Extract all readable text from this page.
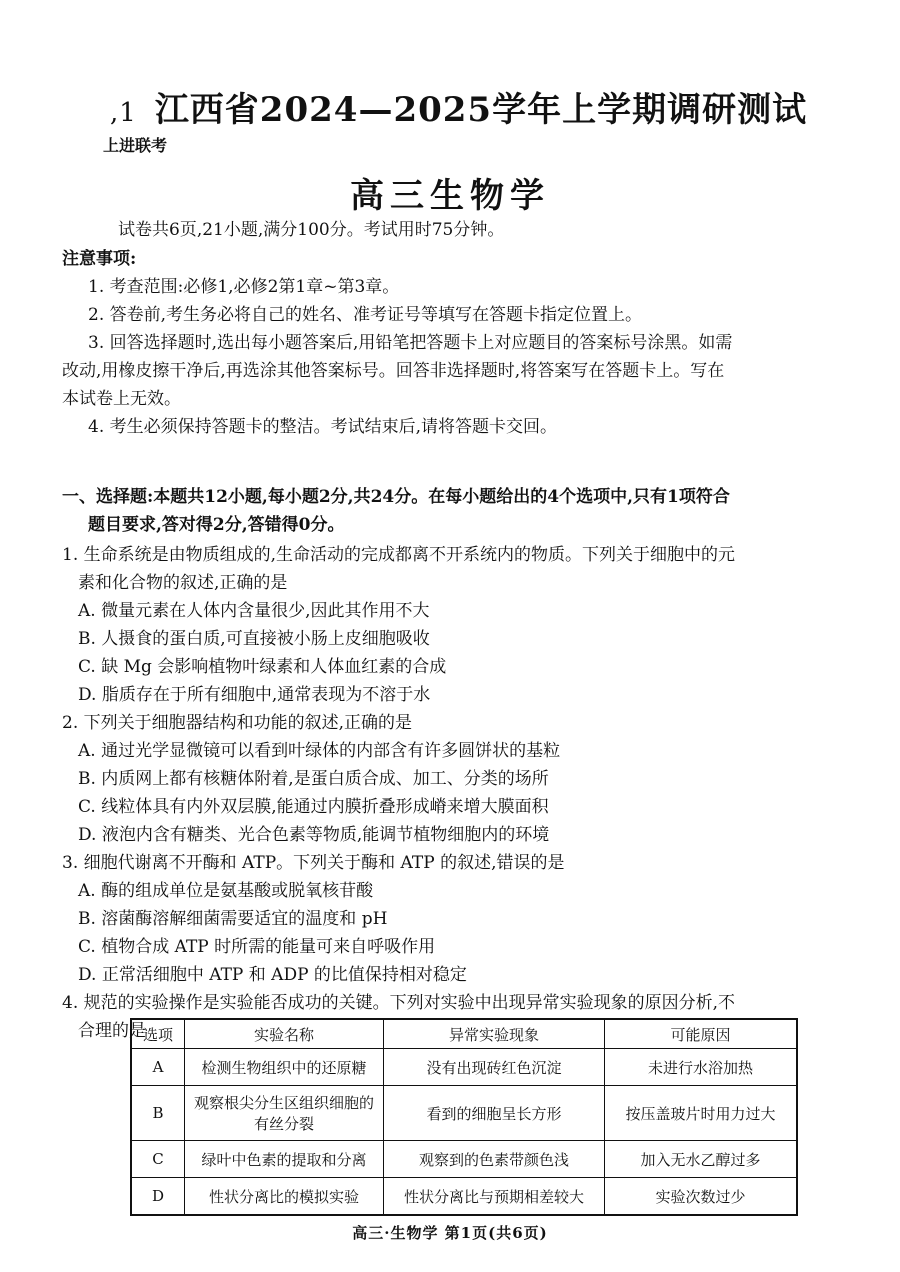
,1 江西省2024—2025学年上学期调研测试
上进联考
高三生物学
试卷共6页,21小题,满分100分。考试用时75分钟。
注意事项:
1. 考查范围:必修1,必修2第1章~第3章。
2. 答卷前,考生务必将自己的姓名、准考证号等填写在答题卡指定位置上。
3. 回答选择题时,选出每小题答案后,用铅笔把答题卡上对应题目的答案标号涂黑。如需
改动,用橡皮擦干净后,再选涂其他答案标号。回答非选择题时,将答案写在答题卡上。写在
本试卷上无效。
4. 考生必须保持答题卡的整洁。考试结束后,请将答题卡交回。
一、选择题:本题共12小题,每小题2分,共24分。在每小题给出的4个选项中,只有1项符合
题目要求,答对得2分,答错得0分。
1. 生命系统是由物质组成的,生命活动的完成都离不开系统内的物质。下列关于细胞中的元
素和化合物的叙述,正确的是
A. 微量元素在人体内含量很少,因此其作用不大
B. 人摄食的蛋白质,可直接被小肠上皮细胞吸收
C. 缺 Mg 会影响植物叶绿素和人体血红素的合成
D. 脂质存在于所有细胞中,通常表现为不溶于水
2. 下列关于细胞器结构和功能的叙述,正确的是
A. 通过光学显微镜可以看到叶绿体的内部含有许多圆饼状的基粒
B. 内质网上都有核糖体附着,是蛋白质合成、加工、分类的场所
C. 线粒体具有内外双层膜,能通过内膜折叠形成嵴来增大膜面积
D. 液泡内含有糖类、光合色素等物质,能调节植物细胞内的环境
3. 细胞代谢离不开酶和 ATP。下列关于酶和 ATP 的叙述,错误的是
A. 酶的组成单位是氨基酸或脱氧核苷酸
B. 溶菌酶溶解细菌需要适宜的温度和 pH
C. 植物合成 ATP 时所需的能量可来自呼吸作用
D. 正常活细胞中 ATP 和 ADP 的比值保持相对稳定
4. 规范的实验操作是实验能否成功的关键。下列对实验中出现异常实验现象的原因分析,不
合理的是
选项	实验名称	异常实验现象	可能原因
A	检测生物组织中的还原糖	没有出现砖红色沉淀	未进行水浴加热
B	观察根尖分生区组织细胞的有丝分裂	看到的细胞呈长方形	按压盖玻片时用力过大
C	绿叶中色素的提取和分离	观察到的色素带颜色浅	加入无水乙醇过多
D	性状分离比的模拟实验	性状分离比与预期相差较大	实验次数过少
高三·生物学 第1页(共6页)
